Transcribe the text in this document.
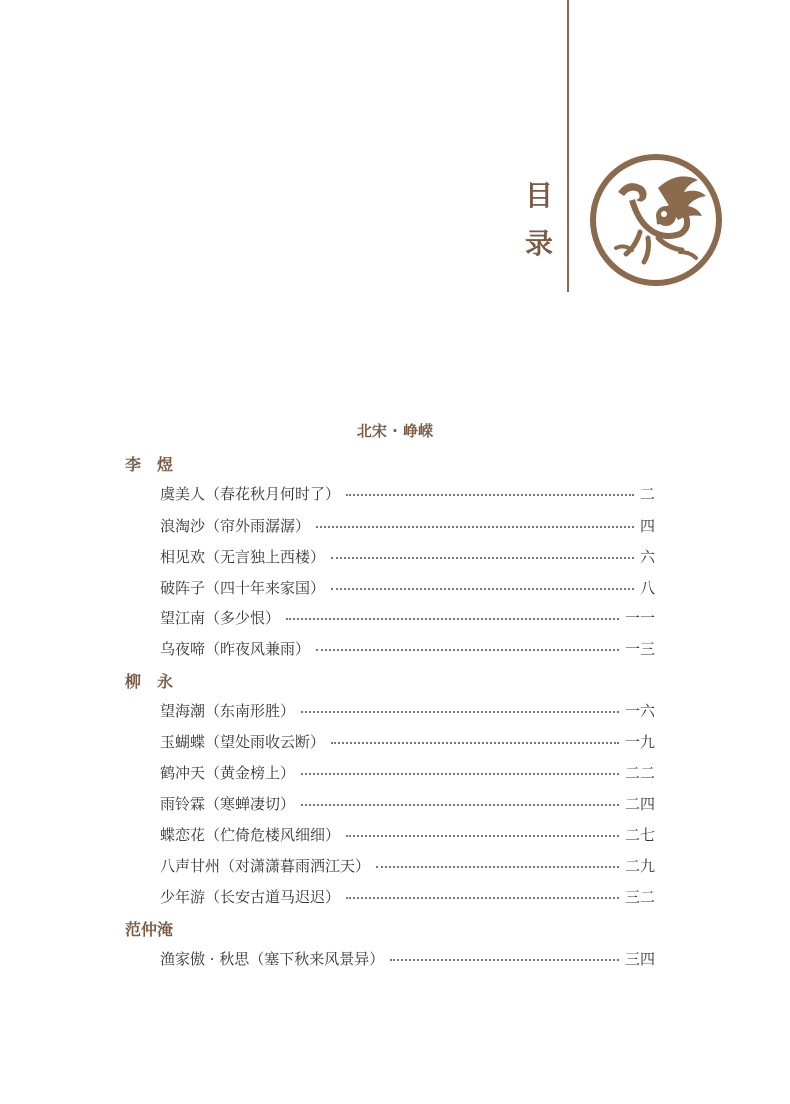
目
录
北宋 · 峥嵘
李　煜
虞美人（春花秋月何时了）	二
浪淘沙（帘外雨潺潺）	四
相见欢（无言独上西楼）	六
破阵子（四十年来家国）	八
望江南（多少恨）	一一
乌夜啼（昨夜风兼雨）	一三
柳　永
望海潮（东南形胜）	一六
玉蝴蝶（望处雨收云断）	一九
鹤冲天（黄金榜上）	二二
雨铃霖（寒蝉凄切）	二四
蝶恋花（伫倚危楼风细细）	二七
八声甘州（对潇潇暮雨洒江天）	二九
少年游（长安古道马迟迟）	三二
范仲淹
渔家傲 · 秋思（塞下秋来风景异）	三四
